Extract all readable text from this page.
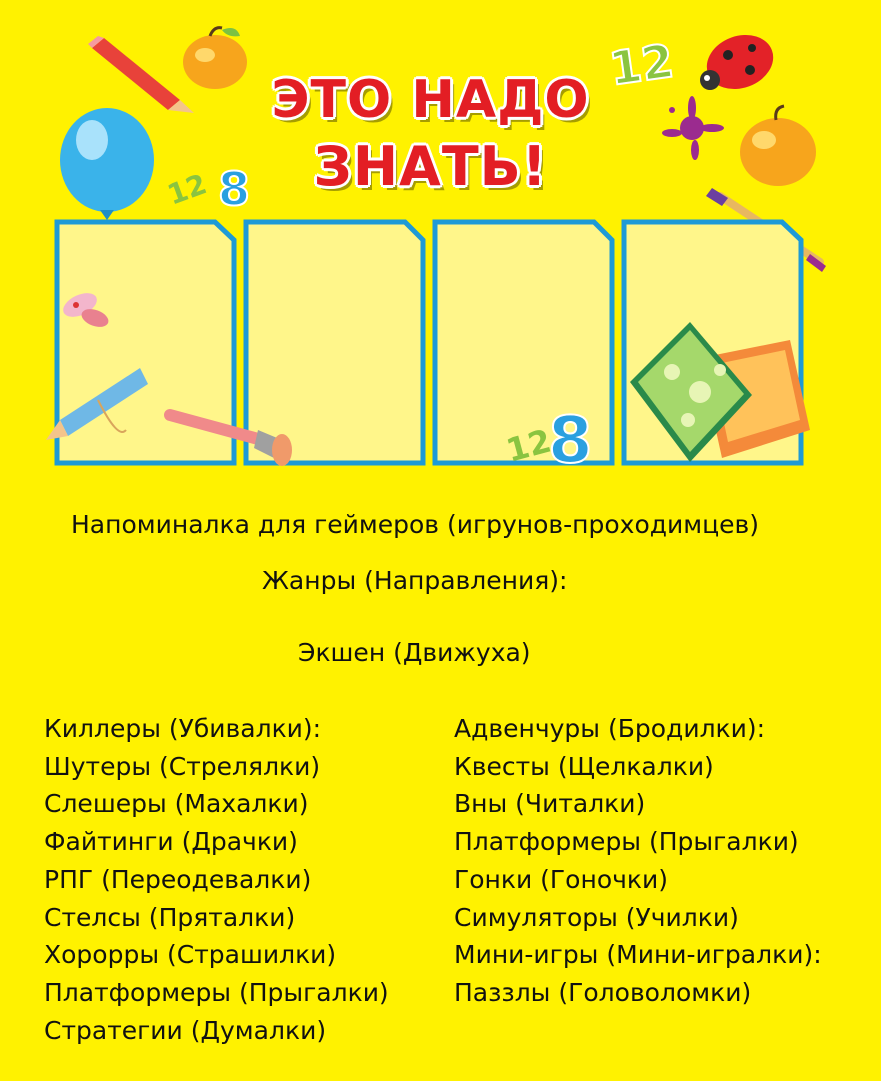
12 8
12
12
8
ЭТО НАДО
ЗНАТЬ!
Напоминалка для геймеров (игрунов-проходимцев)
Жанры (Направления):
Экшен (Движуха)
Киллеры (Убивалки):
Шутеры (Стрелялки)
Слешеры (Махалки)
Файтинги (Драчки)
РПГ (Переодевалки)
Стелсы (Пряталки)
Хорорры (Страшилки)
Платформеры (Прыгалки)
Стратегии (Думалки)
Адвенчуры (Бродилки):
Квесты (Щелкалки)
Вны (Читалки)
Платформеры (Прыгалки)
Гонки (Гоночки)
Симуляторы (Училки)
Мини-игры (Мини-игралки):
Паззлы (Головоломки)
